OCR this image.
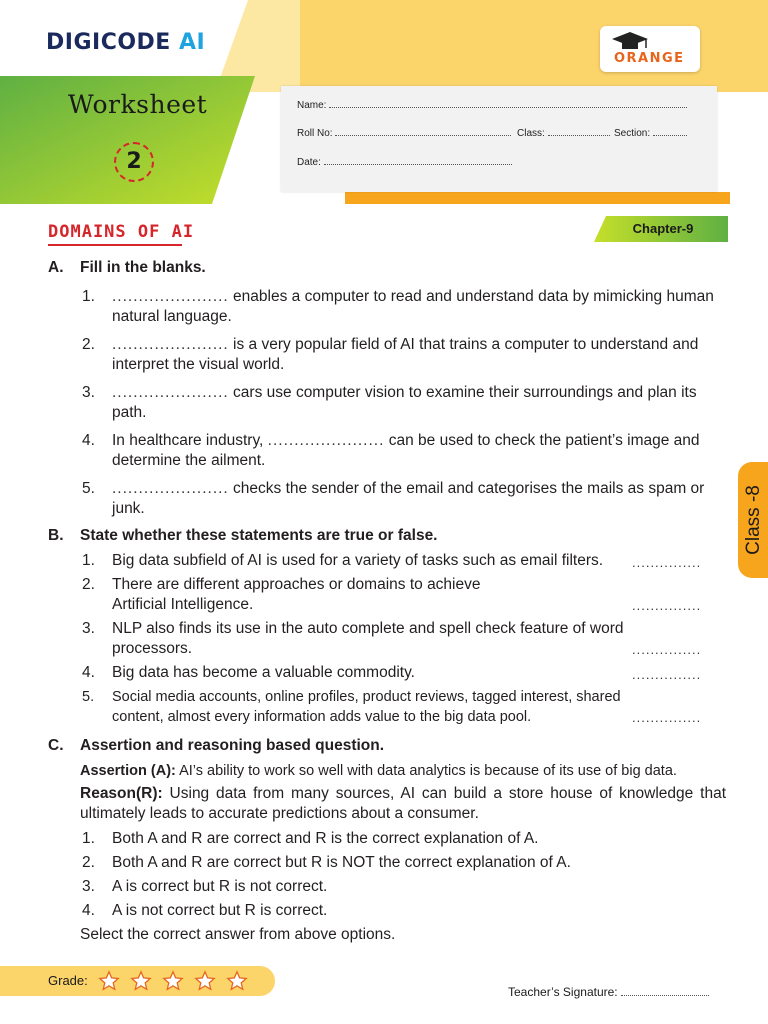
DIGICODE AI
ORANGE
Worksheet
2
Name:
Roll No:	Class:	Section:
Date:
DOMAINS OF AI	Chapter-9
Class -8
A. Fill in the blanks.
1. ...................... enables a computer to read and understand data by mimicking human natural language.
2. ...................... is a very popular field of AI that trains a computer to understand and interpret the visual world.
3. ...................... cars use computer vision to examine their surroundings and plan its path.
4. In healthcare industry, ...................... can be used to check the patient’s image and determine the ailment.
5. ...................... checks the sender of the email and categorises the mails as spam or junk.
B. State whether these statements are true or false.
1. Big data subfield of AI is used for a variety of tasks such as email filters.	...............
2. There are different approaches or domains to achieve Artificial Intelligence.	...............
3. NLP also finds its use in the auto complete and spell check feature of word processors.	...............
4. Big data has become a valuable commodity.	...............
5. Social media accounts, online profiles, product reviews, tagged interest, shared content, almost every information adds value to the big data pool.	...............
C. Assertion and reasoning based question.
Assertion (A): AI’s ability to work so well with data analytics is because of its use of big data.
Reason(R): Using data from many sources, AI can build a store house of knowledge that ultimately leads to accurate predictions about a consumer.
1. Both A and R are correct and R is the correct explanation of A.
2. Both A and R are correct but R is NOT the correct explanation of A.
3. A is correct but R is not correct.
4. A is not correct but R is correct.
Select the correct answer from above options.
Grade:
Teacher’s Signature:
